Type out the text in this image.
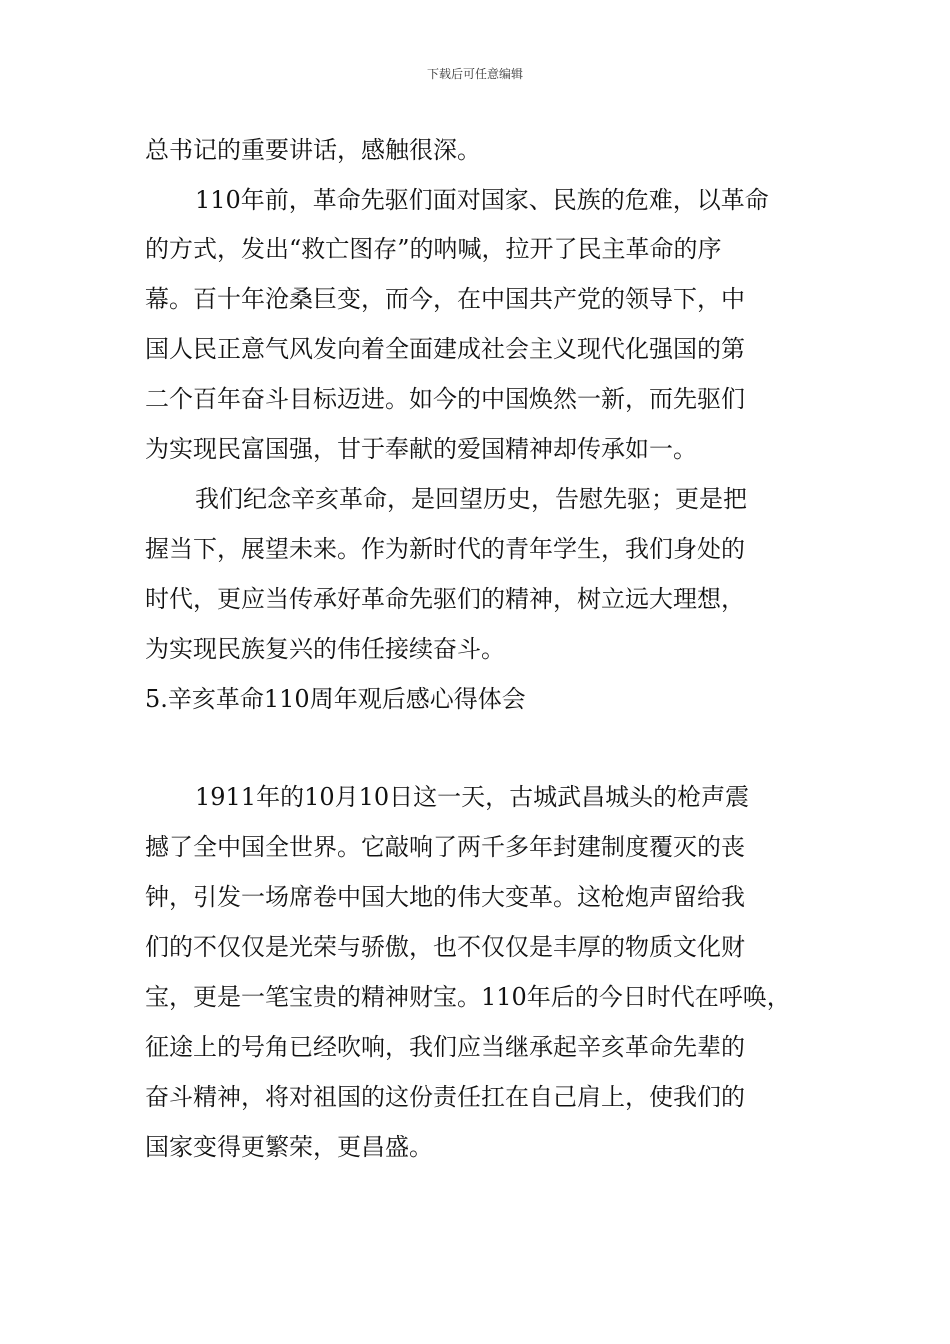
下载后可任意编辑
总书记的重要讲话，感触很深。
110年前，革命先驱们面对国家、民族的危难，以革命
的方式，发出“救亡图存”的呐喊，拉开了民主革命的序
幕。百十年沧桑巨变，而今，在中国共产党的领导下，中
国人民正意气风发向着全面建成社会主义现代化强国的第
二个百年奋斗目标迈进。如今的中国焕然一新，而先驱们
为实现民富国强，甘于奉献的爱国精神却传承如一。
我们纪念辛亥革命，是回望历史，告慰先驱；更是把
握当下，展望未来。作为新时代的青年学生，我们身处的
时代，更应当传承好革命先驱们的精神，树立远大理想，
为实现民族复兴的伟任接续奋斗。
5.辛亥革命110周年观后感心得体会
1911年的10月10日这一天，古城武昌城头的枪声震
撼了全中国全世界。它敲响了两千多年封建制度覆灭的丧
钟，引发一场席卷中国大地的伟大变革。这枪炮声留给我
们的不仅仅是光荣与骄傲，也不仅仅是丰厚的物质文化财
宝，更是一笔宝贵的精神财宝。110年后的今日时代在呼唤，
征途上的号角已经吹响，我们应当继承起辛亥革命先辈的
奋斗精神，将对祖国的这份责任扛在自己肩上，使我们的
国家变得更繁荣，更昌盛。
